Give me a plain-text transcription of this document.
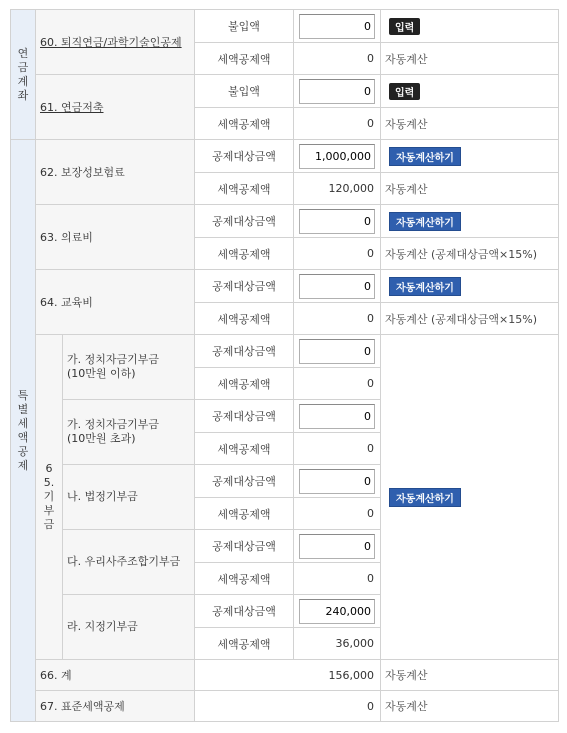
연금계좌	60. 퇴직연금/과학기술인공제		불입액	0	입력
			세액공제액	0	자동계산
	61. 연금저축		불입액	0	입력
			세액공제액	0	자동계산
특별세액공제	62. 보장성보험료		공제대상금액	1,000,000	자동계산하기
			세액공제액	120,000	자동계산
	63. 의료비		공제대상금액	0	자동계산하기
			세액공제액	0	자동계산 (공제대상금액×15%)
	64. 교육비		공제대상금액	0	자동계산하기
			세액공제액	0	자동계산 (공제대상금액×15%)
	65. 기부금	가. 정치자금기부금
(10만원 이하)	공제대상금액	0	자동계산하기
			세액공제액	0	
		가. 정치자금기부금
(10만원 초과)	공제대상금액	0
			세액공제액	0	
		나. 법정기부금	공제대상금액	0
			세액공제액	0	
		다. 우리사주조합기부금	공제대상금액	0
			세액공제액	0	
		라. 지정기부금	공제대상금액	240,000
			세액공제액	36,000	
	66. 계		156,000		자동계산
	67. 표준세액공제		0		자동계산
